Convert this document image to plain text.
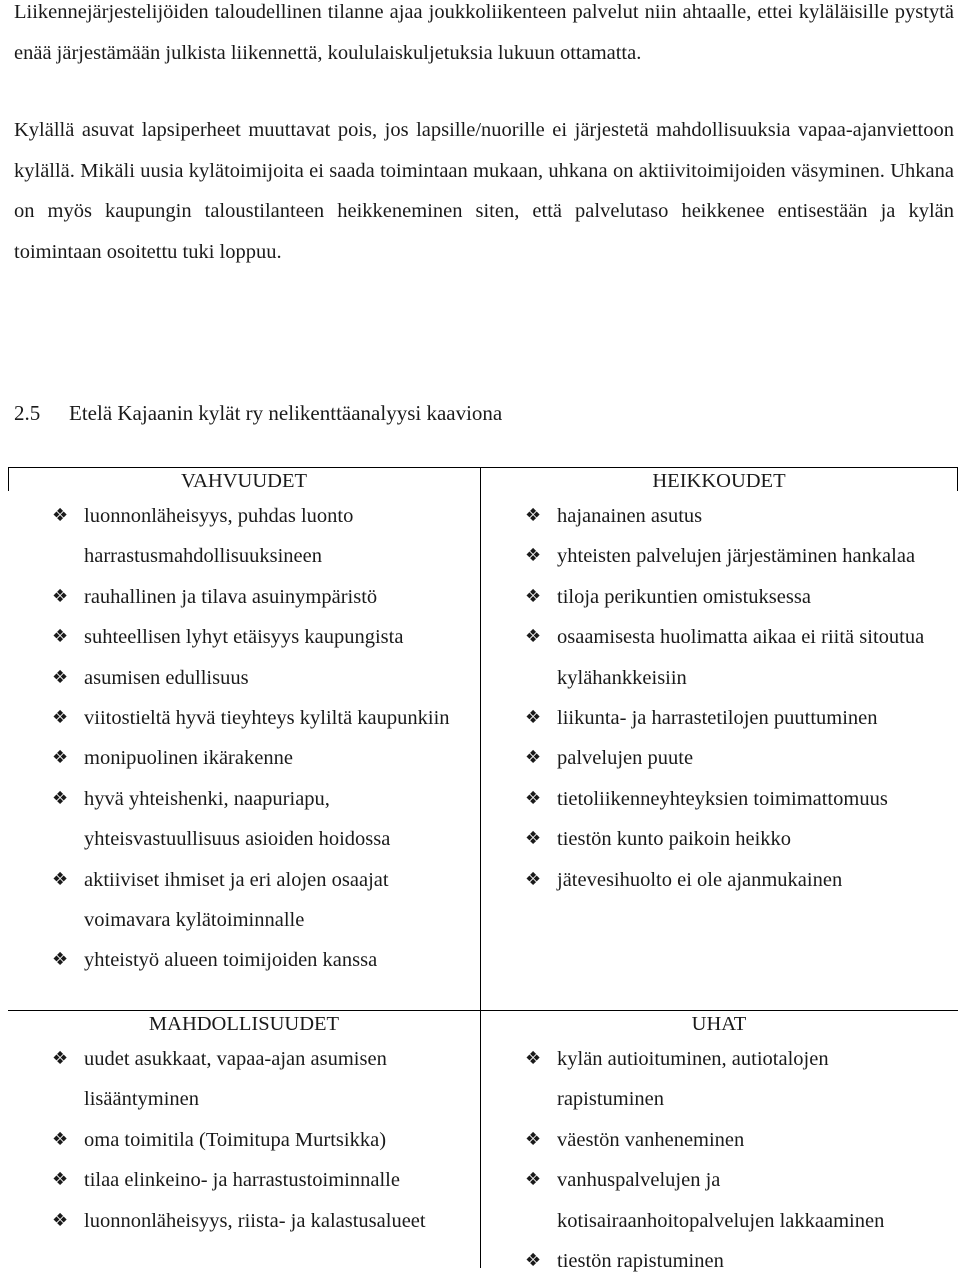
Liikennejärjestelijöiden taloudellinen tilanne ajaa joukkoliikenteen palvelut niin ahtaalle, ettei kyläläisille pystytä enää järjestämään julkista liikennettä, koululaiskuljetuksia lukuun ottamatta.

Kylällä asuvat lapsiperheet muuttavat pois, jos lapsille/nuorille ei järjestetä mahdollisuuksia vapaa-ajanviettoon kylällä. Mikäli uusia kylätoimijoita ei saada toimintaan mukaan, uhkana on aktiivitoimijoiden väsyminen. Uhkana on myös kaupungin taloustilanteen heikkeneminen siten, että palvelutaso heikkenee entisestään ja kylän toimintaan osoitettu tuki loppuu.

2.5 Etelä Kajaanin kylät ry nelikenttäanalyysi kaaviona
VAHVUUDET
❖ luonnonläheisyys, puhdas luonto harrastusmahdollisuuksineen
❖ rauhallinen ja tilava asuinympäristö
❖ suhteellisen lyhyt etäisyys kaupungista
❖ asumisen edullisuus
❖ viitostieltä hyvä tieyhteys kyliltä kaupunkiin
❖ monipuolinen ikärakenne
❖ hyvä yhteishenki, naapuriapu, yhteisvastuullisuus asioiden hoidossa
❖ aktiiviset ihmiset ja eri alojen osaajat voimavara kylätoiminnalle
❖ yhteistyö alueen toimijoiden kanssa
HEIKKOUDET
❖ hajanainen asutus
❖ yhteisten palvelujen järjestäminen hankalaa
❖ tiloja perikuntien omistuksessa
❖ osaamisesta huolimatta aikaa ei riitä sitoutua kylähankkeisiin
❖ liikunta- ja harrastetilojen puuttuminen
❖ palvelujen puute
❖ tietoliikenneyhteyksien toimimattomuus
❖ tiestön kunto paikoin heikko
❖ jätevesihuolto ei ole ajanmukainen
MAHDOLLISUUDET
❖ uudet asukkaat, vapaa-ajan asumisen lisääntyminen
❖ oma toimitila (Toimitupa Murtsikka)
❖ tilaa elinkeino- ja harrastustoiminnalle
❖ luonnonläheisyys, riista- ja kalastusalueet
UHAT
❖ kylän autioituminen, autiotalojen rapistuminen
❖ väestön vanheneminen
❖ vanhuspalvelujen ja kotisairaanhoitopalvelujen lakkaaminen
❖ tiestön rapistuminen
